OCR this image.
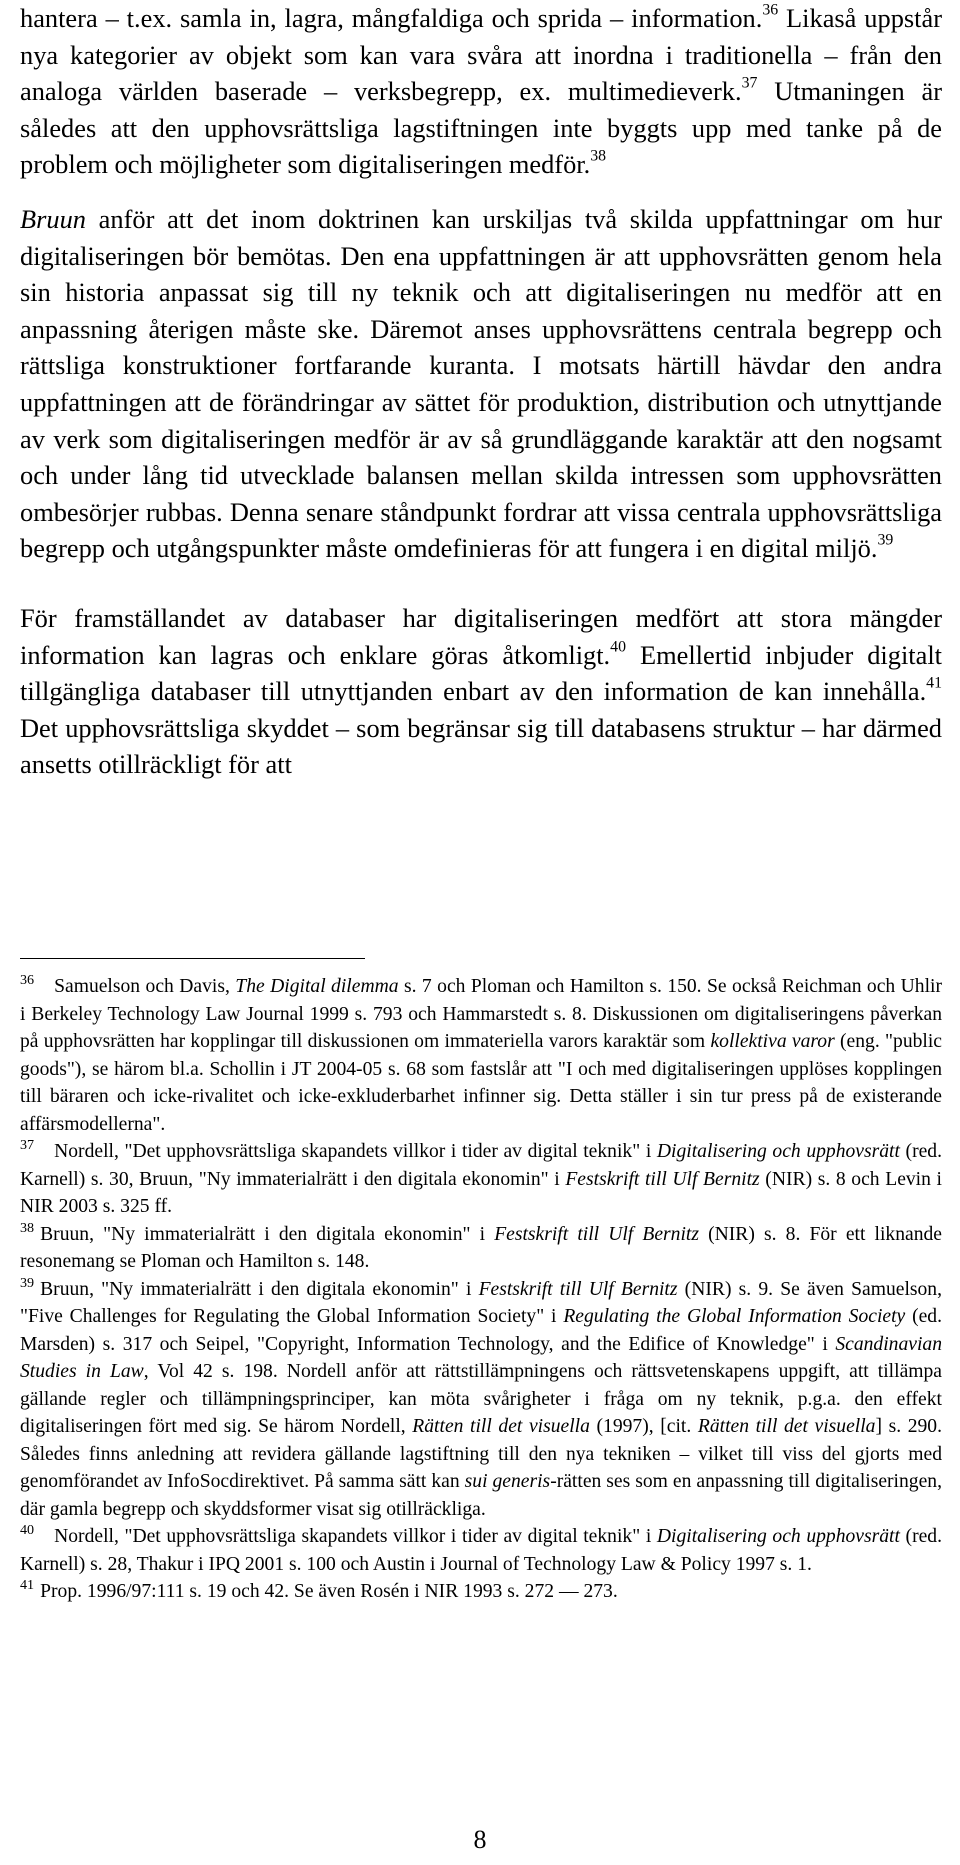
hantera – t.ex. samla in, lagra, mångfaldiga och sprida – information.$^{36}$ Likaså uppstår nya kategorier av objekt som kan vara svåra att inordna i traditionella – från den analoga världen baserade – verksbegrepp, ex. multimedieverk.$^{37}$ Utmaningen är således att den upphovsrättsliga lagstiftningen inte byggts upp med tanke på de problem och möjligheter som digitaliseringen medför.$^{38}$

Bruun anför att det inom doktrinen kan urskiljas två skilda uppfattningar om hur digitaliseringen bör bemötas. Den ena uppfattningen är att upphovsrätten genom hela sin historia anpassat sig till ny teknik och att digitaliseringen nu medför att en anpassning återigen måste ske. Däremot anses upphovsrättens centrala begrepp och rättsliga konstruktioner fortfarande kuranta. I motsats härtill hävdar den andra uppfattningen att de förändringar av sättet för produktion, distribution och utnyttjande av verk som digitaliseringen medför är av så grundläggande karaktär att den nogsamt och under lång tid utvecklade balansen mellan skilda intressen som upphovsrätten ombesörjer rubbas. Denna senare ståndpunkt fordrar att vissa centrala upphovsrättsliga begrepp och utgångspunkter måste omdefinieras för att fungera i en digital miljö.$^{39}$

För framställandet av databaser har digitaliseringen medfört att stora mängder information kan lagras och enklare göras åtkomligt.$^{40}$ Emellertid inbjuder digitalt tillgängliga databaser till utnyttjanden enbart av den information de kan innehålla.$^{41}$ Det upphovsrättsliga skyddet – som begränsar sig till databasens struktur – har därmed ansetts otillräckligt för att

$^{36}$ Samuelson och Davis, The Digital dilemma s. 7 och Ploman och Hamilton s. 150. Se också Reichman och Uhlir i Berkeley Technology Law Journal 1999 s. 793 och Hammarstedt s. 8. Diskussionen om digitaliseringens påverkan på upphovsrätten har kopplingar till diskussionen om immateriella varors karaktär som kollektiva varor (eng. "public goods"), se härom bl.a. Schollin i JT 2004-05 s. 68 som fastslår att "I och med digitaliseringen upplöses kopplingen till bäraren och icke-rivalitet och icke-exkluderbarhet infinner sig. Detta ställer i sin tur press på de existerande affärsmodellerna".

$^{37}$ Nordell, "Det upphovsrättsliga skapandets villkor i tider av digital teknik" i Digitalisering och upphovsrätt (red. Karnell) s. 30, Bruun, "Ny immaterialrätt i den digitala ekonomin" i Festskrift till Ulf Bernitz (NIR) s. 8 och Levin i NIR 2003 s. 325 ff.

$^{38}$ Bruun, "Ny immaterialrätt i den digitala ekonomin" i Festskrift till Ulf Bernitz (NIR) s. 8. För ett liknande resonemang se Ploman och Hamilton s. 148.

$^{39}$ Bruun, "Ny immaterialrätt i den digitala ekonomin" i Festskrift till Ulf Bernitz (NIR) s. 9. Se även Samuelson, "Five Challenges for Regulating the Global Information Society" i Regulating the Global Information Society (ed. Marsden) s. 317 och Seipel, "Copyright, Information Technology, and the Edifice of Knowledge" i Scandinavian Studies in Law, Vol 42 s. 198. Nordell anför att rättstillämpningens och rättsvetenskapens uppgift, att tillämpa gällande regler och tillämpningsprinciper, kan möta svårigheter i fråga om ny teknik, p.g.a. den effekt digitaliseringen fört med sig. Se härom Nordell, Rätten till det visuella (1997), [cit. Rätten till det visuella] s. 290. Således finns anledning att revidera gällande lagstiftning till den nya tekniken – vilket till viss del gjorts med genomförandet av InfoSocdirektivet. På samma sätt kan sui generis-rätten ses som en anpassning till digitaliseringen, där gamla begrepp och skyddsformer visat sig otillräckliga.

$^{40}$ Nordell, "Det upphovsrättsliga skapandets villkor i tider av digital teknik" i Digitalisering och upphovsrätt (red. Karnell) s. 28, Thakur i IPQ 2001 s. 100 och Austin i Journal of Technology Law & Policy 1997 s. 1.

$^{41}$ Prop. 1996/97:111 s. 19 och 42. Se även Rosén i NIR 1993 s. 272 — 273.

8
